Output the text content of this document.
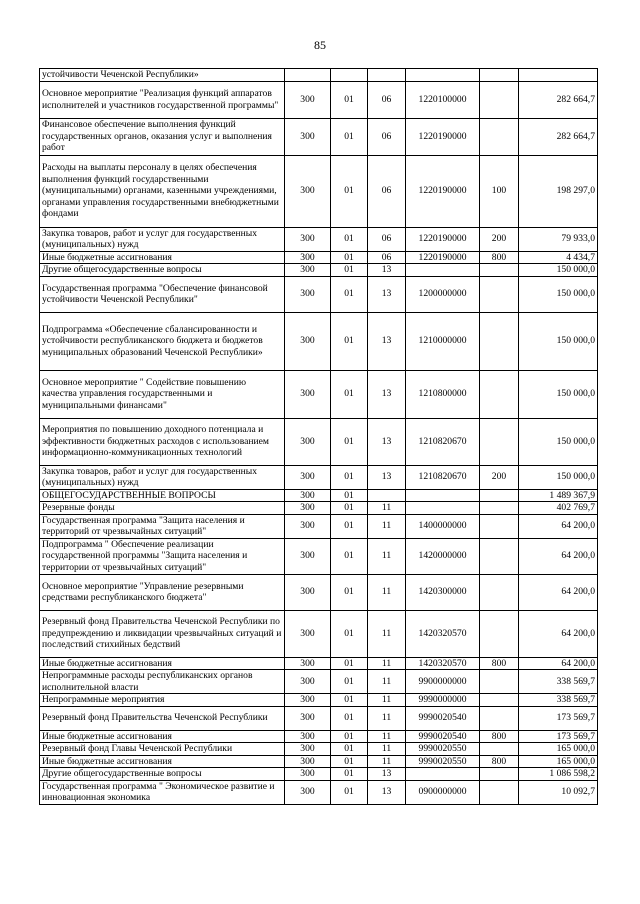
85
устойчивости Чеченской Республики»						
Основное мероприятие "Реализация функций аппаратов исполнителей и участников государственной программы"	300	01	06	1220100000		282 664,7
Финансовое обеспечение выполнения функций государственных органов, оказания услуг и выполнения работ	300	01	06	1220190000		282 664,7
Расходы на выплаты персоналу в целях обеспечения выполнения функций государственными (муниципальными) органами, казенными учреждениями, органами управления государственными внебюджетными фондами	300	01	06	1220190000	100	198 297,0
Закупка товаров, работ и услуг для государственных (муниципальных) нужд	300	01	06	1220190000	200	79 933,0
Иные бюджетные ассигнования	300	01	06	1220190000	800	4 434,7
Другие общегосударственные вопросы	300	01	13			150 000,0
Государственная программа "Обеспечение финансовой устойчивости Чеченской Республики"	300	01	13	1200000000		150 000,0
Подпрограмма «Обеспечение сбалансированности и устойчивости республиканского бюджета и бюджетов муниципальных образований Чеченской Республики»	300	01	13	1210000000		150 000,0
Основное мероприятие " Содействие повышению качества управления государственными и муниципальными финансами"	300	01	13	1210800000		150 000,0
Мероприятия по повышению доходного потенциала и эффективности бюджетных расходов с использованием информационно-коммуникационных технологий	300	01	13	1210820670		150 000,0
Закупка товаров, работ и услуг для государственных (муниципальных) нужд	300	01	13	1210820670	200	150 000,0
ОБЩЕГОСУДАРСТВЕННЫЕ ВОПРОСЫ	300	01				1 489 367,9
Резервные фонды	300	01	11			402 769,7
Государственная программа "Защита населения и территорий от чрезвычайных ситуаций"	300	01	11	1400000000		64 200,0
Подпрограмма " Обеспечение реализации государственной программы "Защита населения и территории от чрезвычайных ситуаций"	300	01	11	1420000000		64 200,0
Основное мероприятие "Управление резервными средствами республиканского бюджета"	300	01	11	1420300000		64 200,0
Резервный фонд Правительства Чеченской Республики по предупреждению и ликвидации чрезвычайных ситуаций и последствий стихийных бедствий	300	01	11	1420320570		64 200,0
Иные бюджетные ассигнования	300	01	11	1420320570	800	64 200,0
Непрограммные расходы республиканских органов исполнительной власти	300	01	11	9900000000		338 569,7
Непрограммные мероприятия	300	01	11	9990000000		338 569,7
Резервный фонд Правительства Чеченской Республики	300	01	11	9990020540		173 569,7
Иные бюджетные ассигнования	300	01	11	9990020540	800	173 569,7
Резервный фонд Главы Чеченской Республики	300	01	11	9990020550		165 000,0
Иные бюджетные ассигнования	300	01	11	9990020550	800	165 000,0
Другие общегосударственные вопросы	300	01	13			1 086 598,2
Государственная программа " Экономическое развитие и инновационная экономика	300	01	13	0900000000		10 092,7
